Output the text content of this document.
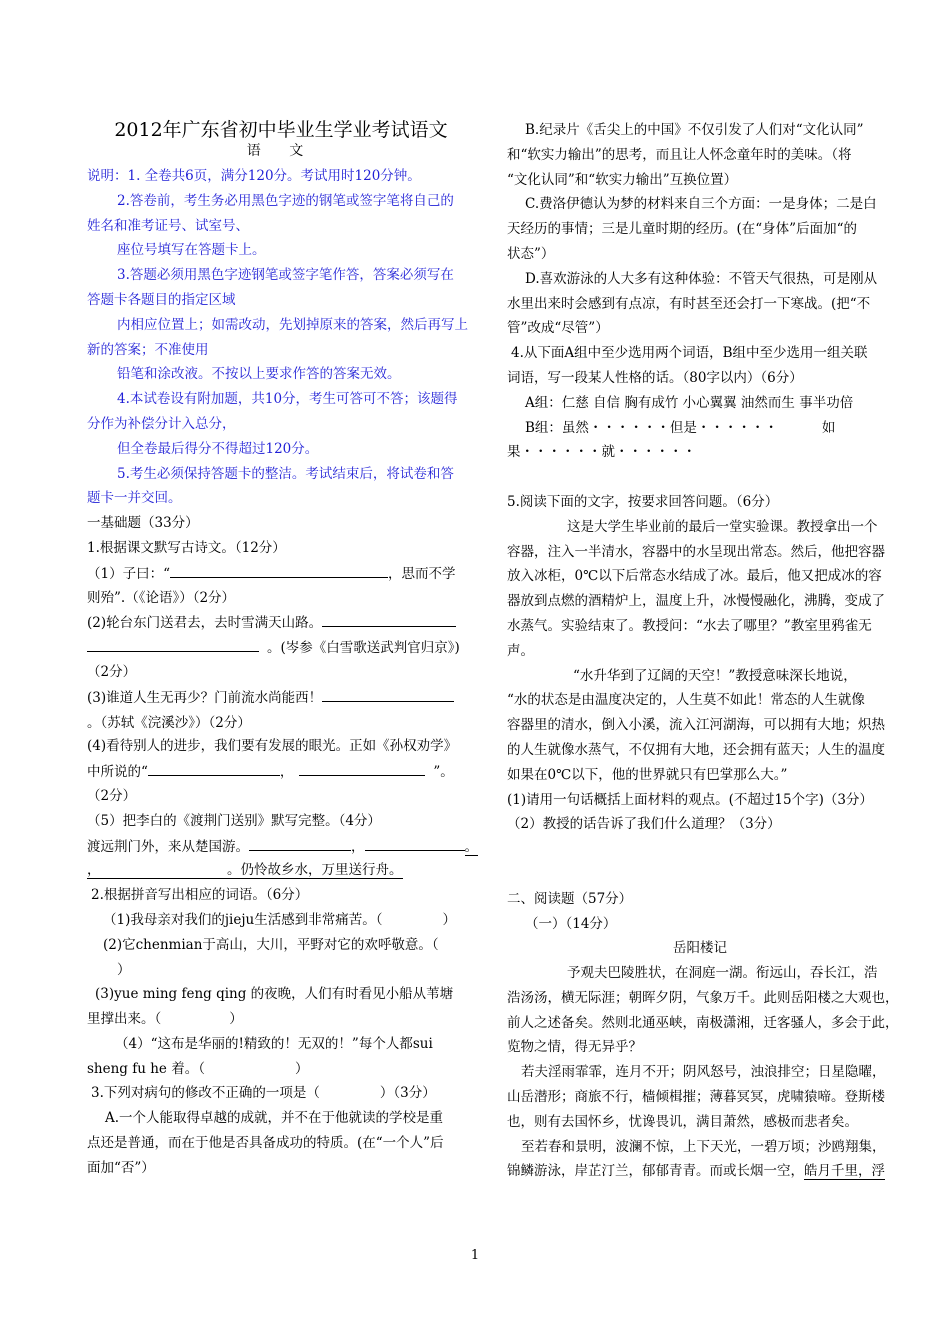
2012年广东省初中毕业生学业考试语文
语 文
说明：1. 全卷共6页，满分120分。考试用时120分钟。
2.答卷前，考生务必用黑色字迹的钢笔或签字笔将自己的
姓名和准考证号、试室号、
座位号填写在答题卡上。
3.答题必须用黑色字迹钢笔或签字笔作答，答案必须写在
答题卡各题目的指定区域
内相应位置上；如需改动，先划掉原来的答案，然后再写上
新的答案；不准使用
铅笔和涂改液。不按以上要求作答的答案无效。
4.本试卷设有附加题，共10分，考生可答可不答；该题得
分作为补偿分计入总分，
但全卷最后得分不得超过120分。
5.考生必须保持答题卡的整洁。考试结束后，将试卷和答
题卡一并交回。
一基础题（33分）
1.根据课文默写古诗文。（12分）
（1）子曰：“	，思而不学
则殆”.（《论语》）（2分）
(2)轮台东门送君去，去时雪满天山路。
。(岑参《白雪歌送武判官归京》)
（2分）
(3)谁道人生无再少？门前流水尚能西！
。（苏轼《浣溪沙》）（2分）
(4)看待别人的进步，我们要有发展的眼光。正如《孙权劝学》
中所说的“	，	”。
（2分）
（5）把李白的《渡荆门送别》默写完整。（4分）
渡远荆门外，来从楚国游。	，	。
，	。仍怜故乡水，万里送行舟。
2.根据拼音写出相应的词语。（6分）
（1)我母亲对我们的jieju生活感到非常痛苦。（	）
(2)它chenmian于高山，大川，平野对它的欢呼敬意。（
）
(3)yue ming feng qing 的夜晚，人们有时看见小船从苇塘
里撑出来。（	）
（4）“这布是华丽的!精致的！无双的！”每个人都sui
sheng fu he 着。（	）
3.下列对病句的修改不正确的一项是（	）（3分）
A.一个人能取得卓越的成就，并不在于他就读的学校是重
点还是普通，而在于他是否具备成功的特质。(在“一个人”后
面加“否”）
B.纪录片《舌尖上的中国》不仅引发了人们对“文化认同”
和“软实力输出”的思考，而且让人怀念童年时的美味。（将
“文化认同”和“软实力输出”互换位置）
C.费洛伊德认为梦的材料来自三个方面：一是身体；二是白
天经历的事情；三是儿童时期的经历。(在“身体”后面加“的
状态”）
D.喜欢游泳的人大多有这种体验：不管天气很热，可是刚从
水里出来时会感到有点凉，有时甚至还会打一下寒战。(把“不
管”改成“尽管”）
4.从下面A组中至少选用两个词语，B组中至少选用一组关联
词语，写一段某人性格的话。（80字以内）（6分）
A组：仁慈 自信 胸有成竹 小心翼翼 油然而生 事半功倍
B组：虽然・・・・・・但是・・・・・・	如
果・・・・・・就・・・・・・
5.阅读下面的文字，按要求回答问题。（6分）
这是大学生毕业前的最后一堂实验课。教授拿出一个
容器，注入一半清水，容器中的水呈现出常态。然后，他把容器
放入冰柜，0℃以下后常态水结成了冰。最后，他又把成冰的容
器放到点燃的酒精炉上，温度上升，冰慢慢融化，沸腾，变成了
水蒸气。实验结束了。教授问：“水去了哪里？”教室里鸦雀无
声。
“水升华到了辽阔的天空！”教授意味深长地说，
“水的状态是由温度决定的，人生莫不如此！常态的人生就像
容器里的清水，倒入小溪，流入江河湖海，可以拥有大地；炽热
的人生就像水蒸气，不仅拥有大地，还会拥有蓝天；人生的温度
如果在0℃以下，他的世界就只有巴掌那么大。”
(1)请用一句话概括上面材料的观点。(不超过15个字)（3分）
（2）教授的话告诉了我们什么道理？（3分）
二、阅读题（57分）
（一）（14分）
岳阳楼记
予观夫巴陵胜状，在洞庭一湖。衔远山，吞长江，浩
浩汤汤，横无际涯；朝晖夕阴，气象万千。此则岳阳楼之大观也，
前人之述备矣。然则北通巫峡，南极潇湘，迁客骚人，多会于此，
览物之情，得无异乎？
若夫淫雨霏霏，连月不开；阴风怒号，浊浪排空；日星隐曜，
山岳潜形；商旅不行，樯倾楫摧；薄暮冥冥，虎啸猿啼。登斯楼
也，则有去国怀乡，忧谗畏讥，满目萧然，感极而悲者矣。
至若春和景明，波澜不惊，上下天光，一碧万顷；沙鸥翔集，
锦鳞游泳，岸芷汀兰，郁郁青青。而或长烟一空，皓月千里，浮
1
